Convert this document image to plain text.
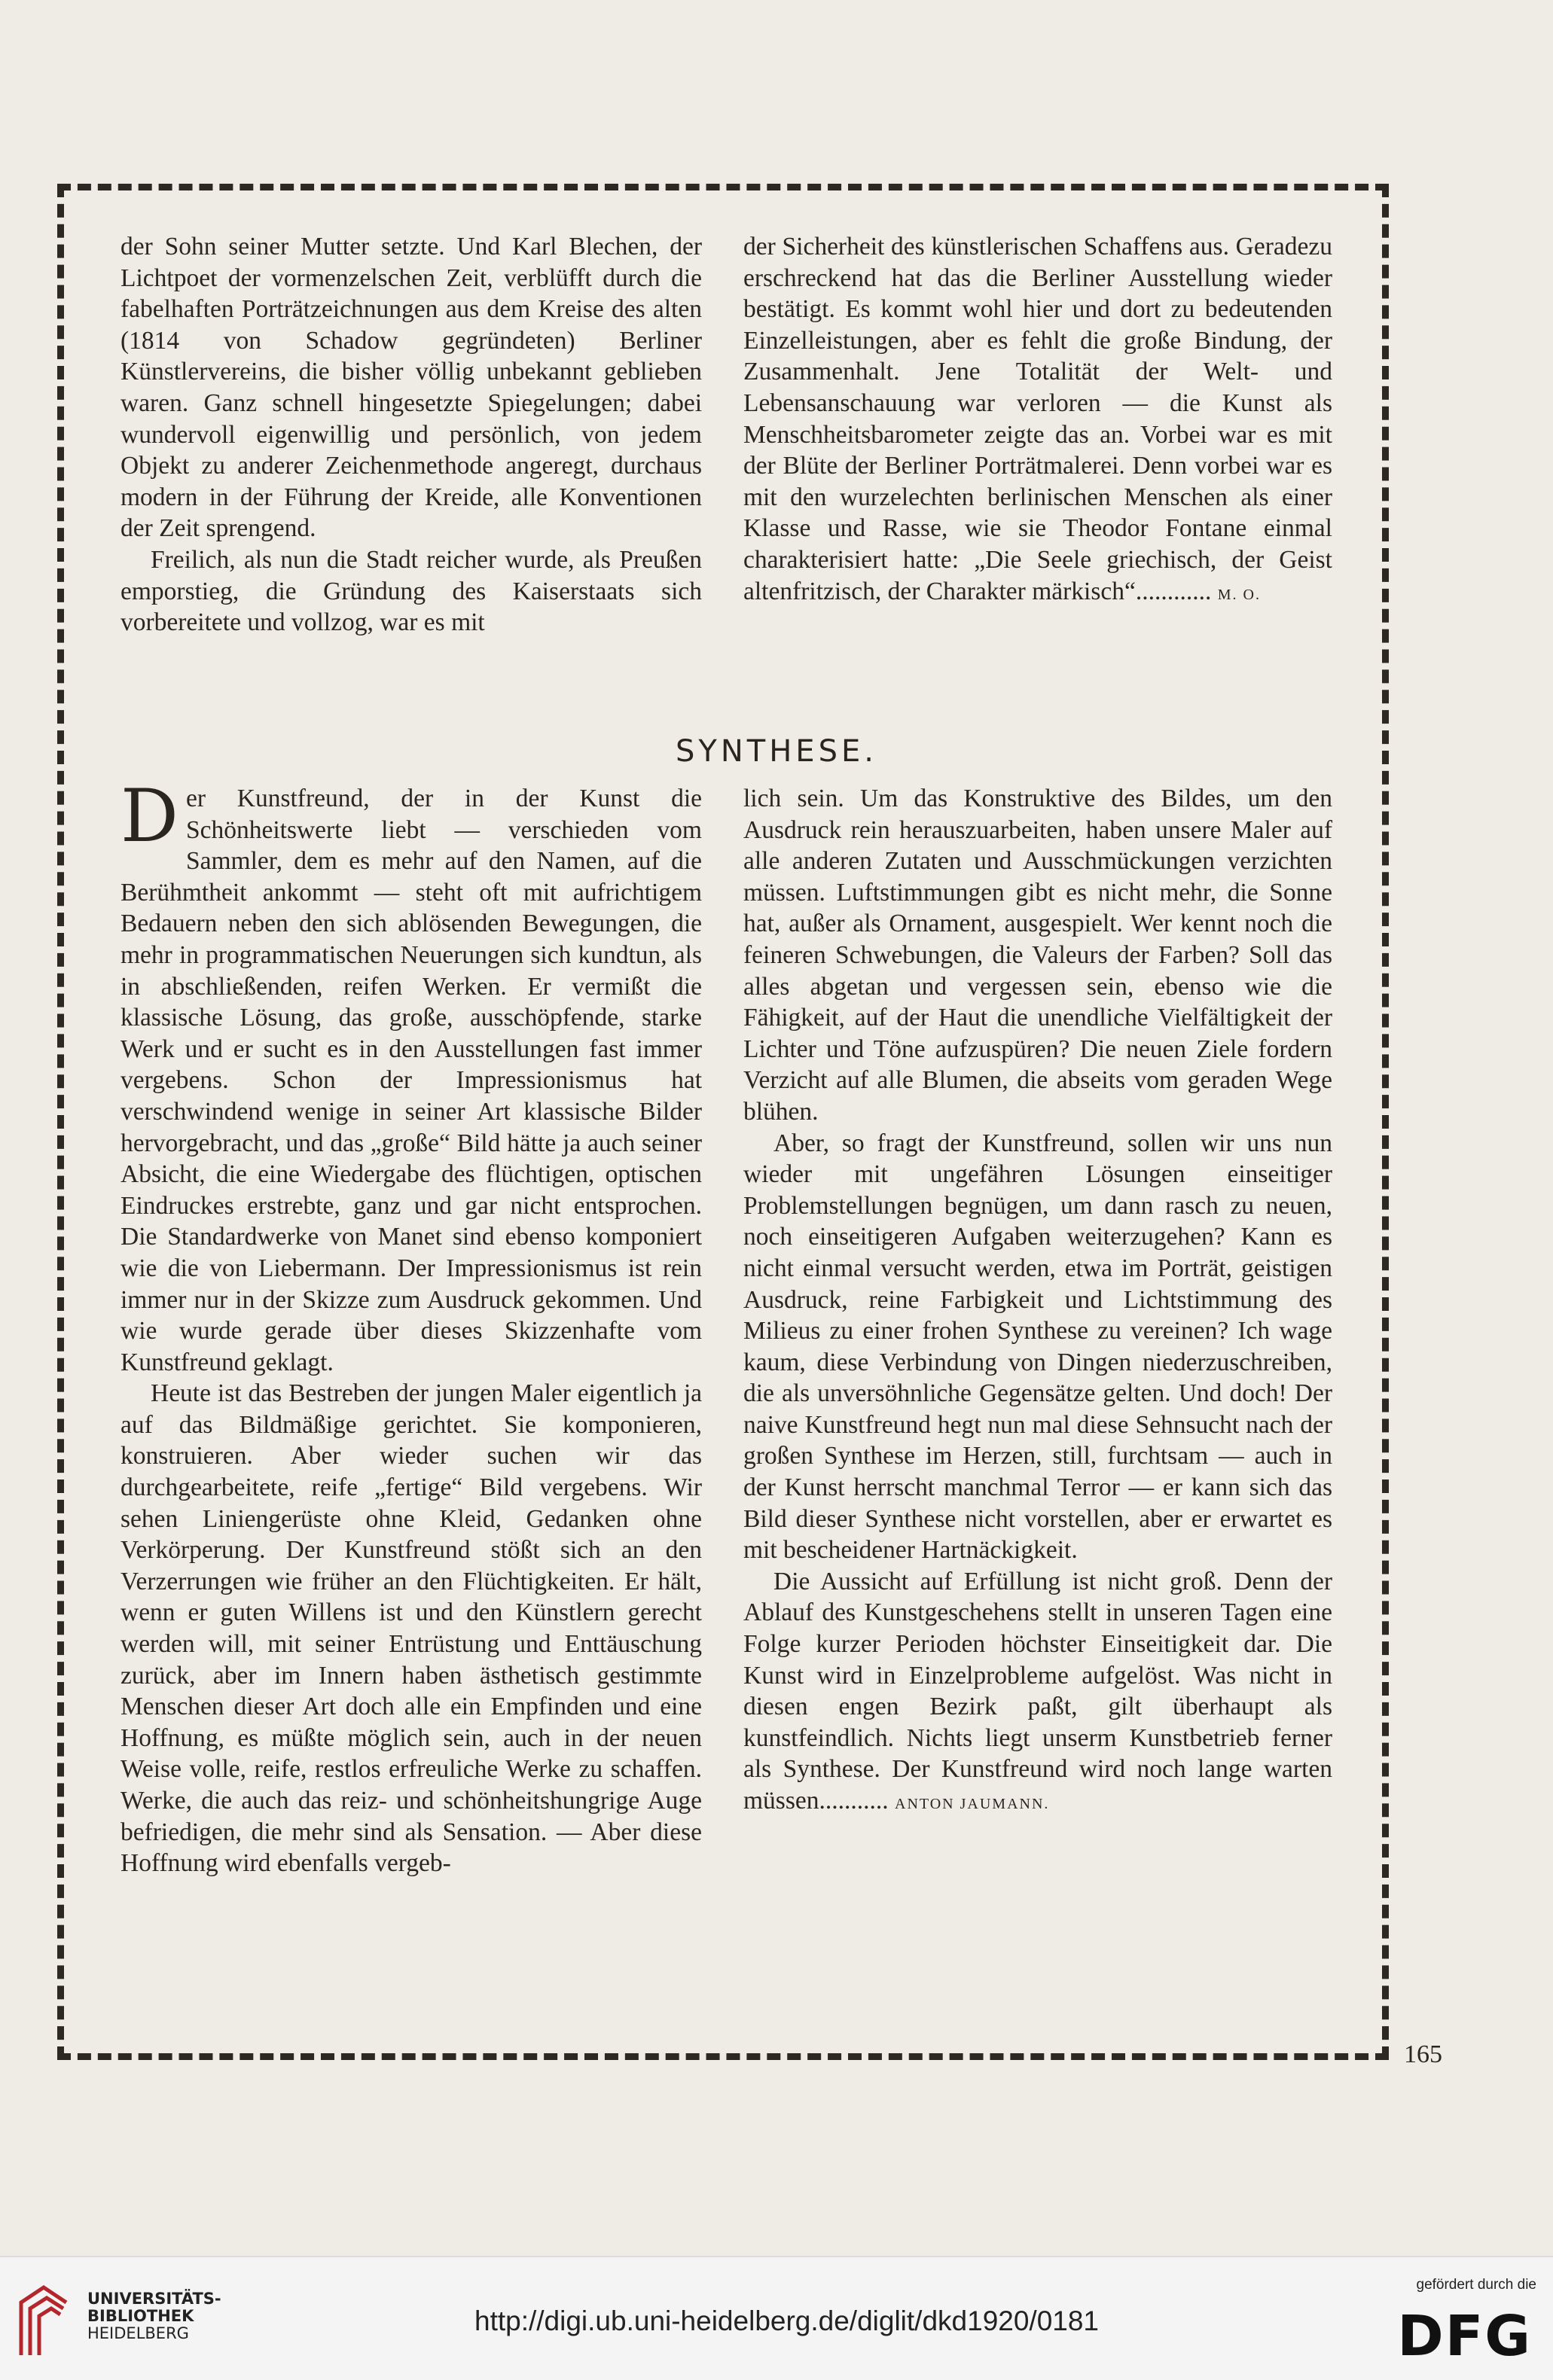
der Sohn seiner Mutter setzte. Und Karl Blechen, der Lichtpoet der vormenzelschen Zeit, verblüfft durch die fabelhaften Porträtzeichnungen aus dem Kreise des alten (1814 von Schadow gegründeten) Berliner Künstlervereins, die bisher völlig unbekannt geblieben waren. Ganz schnell hingesetzte Spiegelungen; dabei wundervoll eigenwillig und persönlich, von jedem Objekt zu anderer Zeichenmethode angeregt, durchaus modern in der Führung der Kreide, alle Konventionen der Zeit sprengend.

Freilich, als nun die Stadt reicher wurde, als Preußen emporstieg, die Gründung des Kaiserstaats sich vorbereitete und vollzog, war es mit

der Sicherheit des künstlerischen Schaffens aus. Geradezu erschreckend hat das die Berliner Ausstellung wieder bestätigt. Es kommt wohl hier und dort zu bedeutenden Einzelleistungen, aber es fehlt die große Bindung, der Zusammenhalt. Jene Totalität der Welt- und Lebensanschauung war verloren — die Kunst als Menschheitsbarometer zeigte das an. Vorbei war es mit der Blüte der Berliner Porträtmalerei. Denn vorbei war es mit den wurzelechten berlinischen Menschen als einer Klasse und Rasse, wie sie Theodor Fontane einmal charakterisiert hatte: „Die Seele griechisch, der Geist altenfritzisch, der Charakter märkisch“............ M. O.

SYNTHESE.

Der Kunstfreund, der in der Kunst die Schönheitswerte liebt — verschieden vom Sammler, dem es mehr auf den Namen, auf die Berühmtheit ankommt — steht oft mit aufrichtigem Bedauern neben den sich ablösenden Bewegungen, die mehr in programmatischen Neuerungen sich kundtun, als in abschließenden, reifen Werken. Er vermißt die klassische Lösung, das große, ausschöpfende, starke Werk und er sucht es in den Ausstellungen fast immer vergebens. Schon der Impressionismus hat verschwindend wenige in seiner Art klassische Bilder hervorgebracht, und das „große“ Bild hätte ja auch seiner Absicht, die eine Wiedergabe des flüchtigen, optischen Eindruckes erstrebte, ganz und gar nicht entsprochen. Die Standardwerke von Manet sind ebenso komponiert wie die von Liebermann. Der Impressionismus ist rein immer nur in der Skizze zum Ausdruck gekommen. Und wie wurde gerade über dieses Skizzenhafte vom Kunstfreund geklagt.

Heute ist das Bestreben der jungen Maler eigentlich ja auf das Bildmäßige gerichtet. Sie komponieren, konstruieren. Aber wieder suchen wir das durchgearbeitete, reife „fertige“ Bild vergebens. Wir sehen Liniengerüste ohne Kleid, Gedanken ohne Verkörperung. Der Kunstfreund stößt sich an den Verzerrungen wie früher an den Flüchtigkeiten. Er hält, wenn er guten Willens ist und den Künstlern gerecht werden will, mit seiner Entrüstung und Enttäuschung zurück, aber im Innern haben ästhetisch gestimmte Menschen dieser Art doch alle ein Empfinden und eine Hoffnung, es müßte möglich sein, auch in der neuen Weise volle, reife, restlos erfreuliche Werke zu schaffen. Werke, die auch das reiz- und schönheitshungrige Auge befriedigen, die mehr sind als Sensation. — Aber diese Hoffnung wird ebenfalls vergeb-

lich sein. Um das Konstruktive des Bildes, um den Ausdruck rein herauszuarbeiten, haben unsere Maler auf alle anderen Zutaten und Ausschmückungen verzichten müssen. Luftstimmungen gibt es nicht mehr, die Sonne hat, außer als Ornament, ausgespielt. Wer kennt noch die feineren Schwebungen, die Valeurs der Farben? Soll das alles abgetan und vergessen sein, ebenso wie die Fähigkeit, auf der Haut die unendliche Vielfältigkeit der Lichter und Töne aufzuspüren? Die neuen Ziele fordern Verzicht auf alle Blumen, die abseits vom geraden Wege blühen.

Aber, so fragt der Kunstfreund, sollen wir uns nun wieder mit ungefähren Lösungen einseitiger Problemstellungen begnügen, um dann rasch zu neuen, noch einseitigeren Aufgaben weiterzugehen? Kann es nicht einmal versucht werden, etwa im Porträt, geistigen Ausdruck, reine Farbigkeit und Lichtstimmung des Milieus zu einer frohen Synthese zu vereinen? Ich wage kaum, diese Verbindung von Dingen niederzuschreiben, die als unversöhnliche Gegensätze gelten. Und doch! Der naive Kunstfreund hegt nun mal diese Sehnsucht nach der großen Synthese im Herzen, still, furchtsam — auch in der Kunst herrscht manchmal Terror — er kann sich das Bild dieser Synthese nicht vorstellen, aber er erwartet es mit bescheidener Hartnäckigkeit.

Die Aussicht auf Erfüllung ist nicht groß. Denn der Ablauf des Kunstgeschehens stellt in unseren Tagen eine Folge kurzer Perioden höchster Einseitigkeit dar. Die Kunst wird in Einzelprobleme aufgelöst. Was nicht in diesen engen Bezirk paßt, gilt überhaupt als kunstfeindlich. Nichts liegt unserm Kunstbetrieb ferner als Synthese. Der Kunstfreund wird noch lange warten müssen........... ANTON JAUMANN.

165
UNIVERSITÄTS-
BIBLIOTHEK
HEIDELBERG	http://digi.ub.uni-heidelberg.de/diglit/dkd1920/0181
gefördert durch die
DFG
